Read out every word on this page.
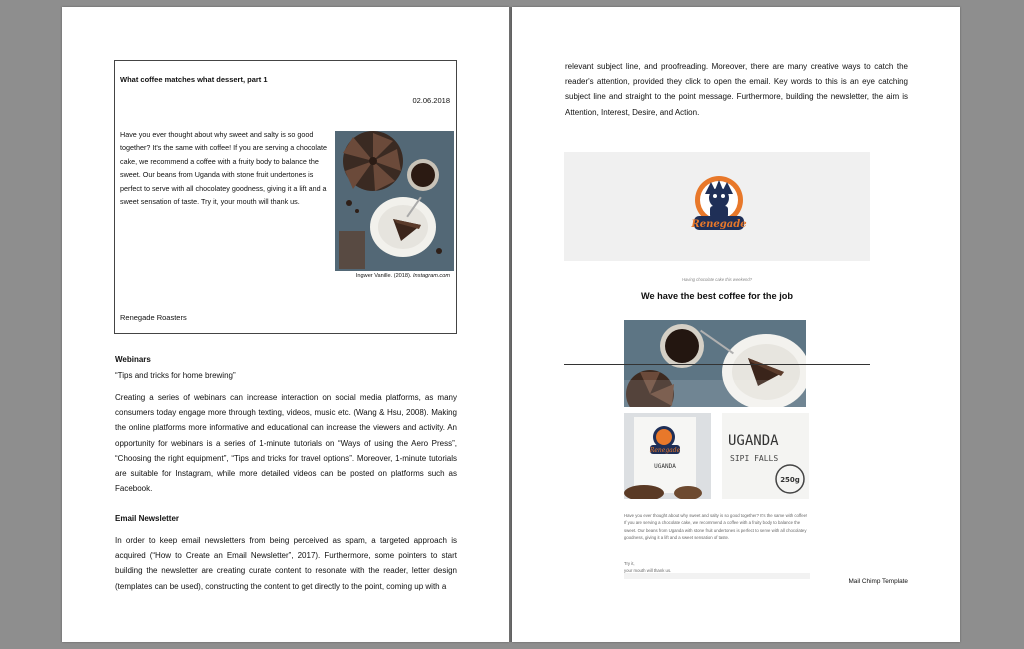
What coffee matches what dessert, part 1
02.06.2018
Have you ever thought about why sweet and salty is so good together? It's the same with coffee! If you are serving a chocolate cake, we recommend a coffee with a fruity body to balance the sweet. Our beans from Uganda with stone fruit undertones is perfect to serve with all chocolatey goodness, giving it a lift and a sweet sensation of taste. Try it, your mouth will thank us.
Ingwer Vanille. (2018). Instagram.com
Renegade Roasters
Webinars
“Tips and tricks for home brewing”
Creating a series of webinars can increase interaction on social media platforms, as many consumers today engage more through texting, videos, music etc. (Wang & Hsu, 2008). Making the online platforms more informative and educational can increase the viewers and activity. An opportunity for webinars is a series of 1-minute tutorials on “Ways of using the Aero Press”, “Choosing the right equipment”, “Tips and tricks for travel options”. Moreover, 1-minute tutorials are suitable for Instagram, while more detailed videos can be posted on platforms such as Facebook.
Email Newsletter
In order to keep email newsletters from being perceived as spam, a targeted approach is acquired (“How to Create an Email Newsletter”, 2017). Furthermore, some pointers to start building the newsletter are creating curate content to resonate with the reader, letter design (templates can be used), constructing the content to get directly to the point, coming up with a
relevant subject line, and proofreading. Moreover, there are many creative ways to catch the reader's attention, provided they click to open the email. Key words to this is an eye catching subject line and straight to the point message. Furthermore, building the newsletter, the aim is Attention, Interest, Desire, and Action.
Renegade
Having chocolate cake this weekend?
We have the best coffee for the job
Renegade
UGANDA
UGANDA
SIPI FALLS
250g
Have you ever thought about why sweet and salty is so good together? It's the same with coffee! If you are serving a chocolate cake, we recommend a coffee with a fruity body to balance the sweet. Our beans from Uganda with stone fruit undertones is perfect to serve with all chocolatey goodness, giving it a lift and a sweet sensation of taste.
Try it,
your mouth will thank us.
Mail Chimp Template
